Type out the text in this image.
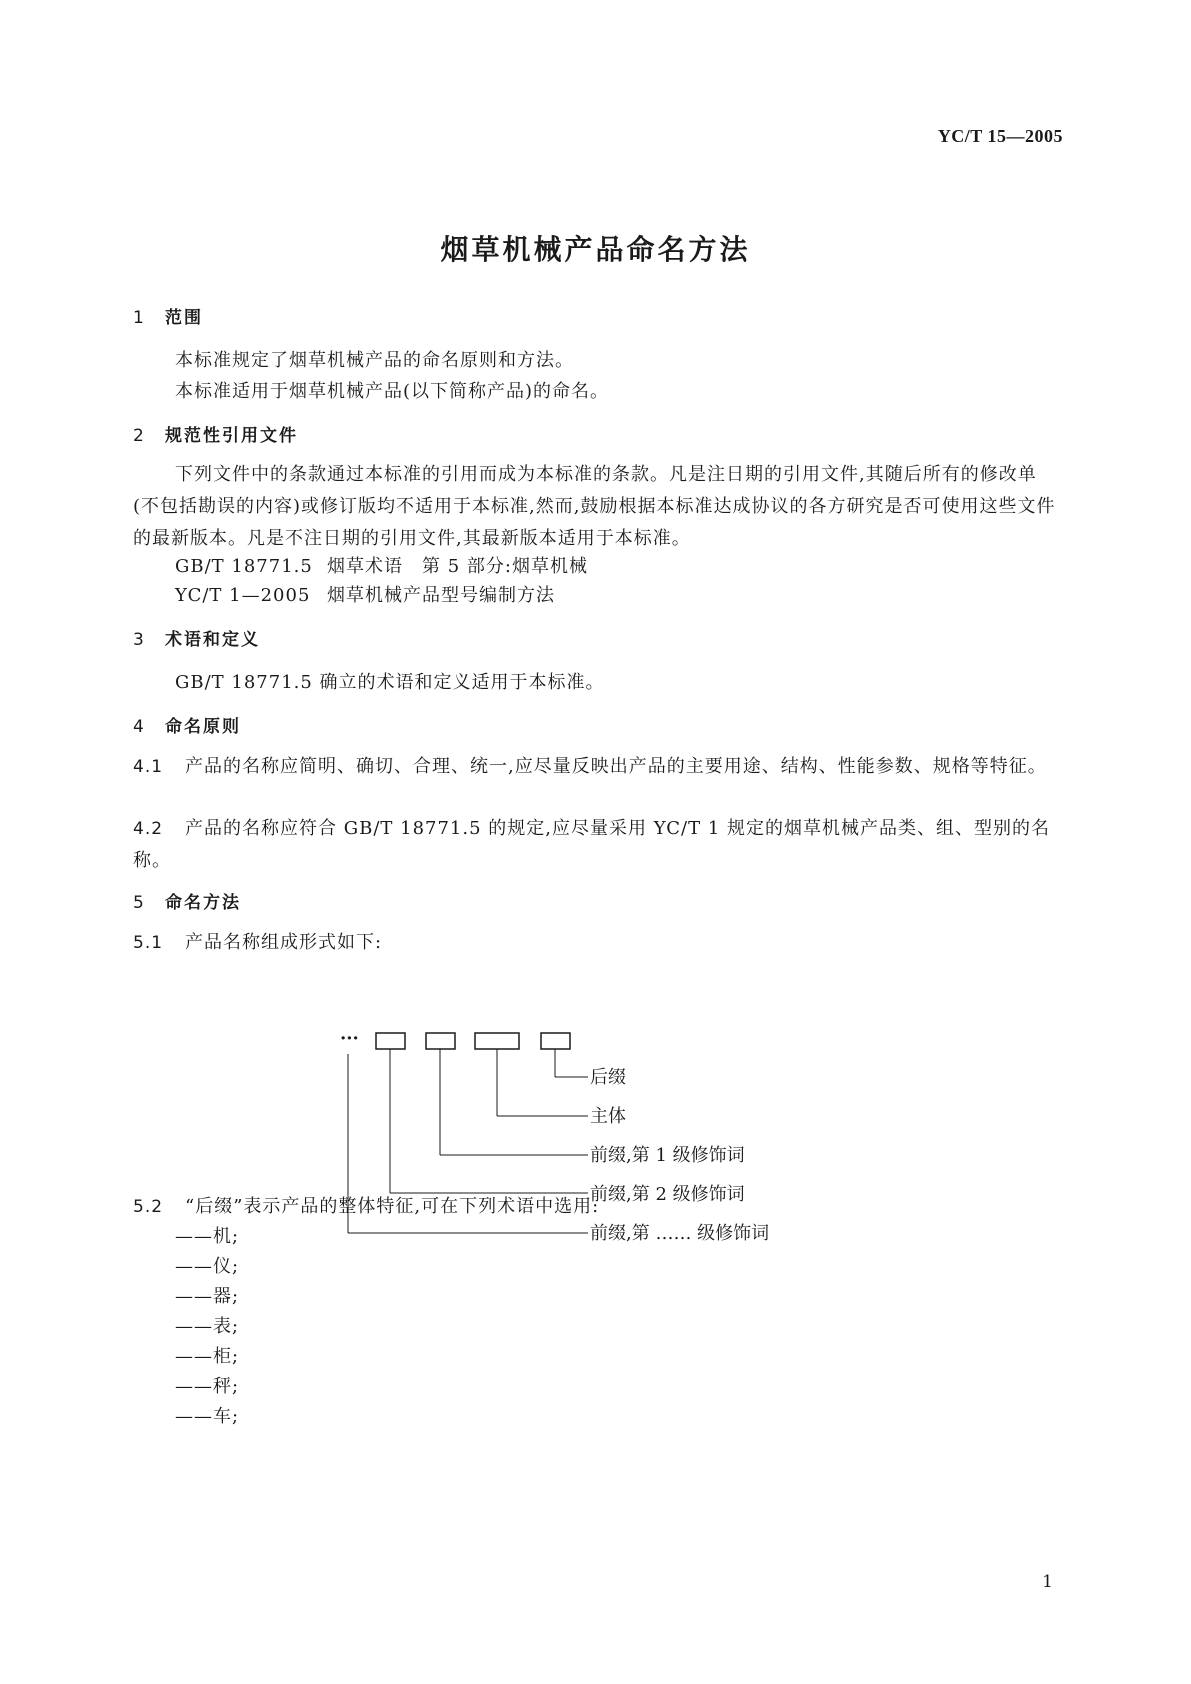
YC/T 15—2005
烟草机械产品命名方法
1 范围
本标准规定了烟草机械产品的命名原则和方法。
本标准适用于烟草机械产品(以下简称产品)的命名。
2 规范性引用文件
下列文件中的条款通过本标准的引用而成为本标准的条款。凡是注日期的引用文件,其随后所有的修改单(不包括勘误的内容)或修订版均不适用于本标准,然而,鼓励根据本标准达成协议的各方研究是否可使用这些文件的最新版本。凡是不注日期的引用文件,其最新版本适用于本标准。
GB/T 18771.5 烟草术语　第 5 部分:烟草机械
YC/T 1—2005 烟草机械产品型号编制方法
3 术语和定义
GB/T 18771.5 确立的术语和定义适用于本标准。
4 命名原则
4.1 产品的名称应简明、确切、合理、统一,应尽量反映出产品的主要用途、结构、性能参数、规格等特征。
4.2 产品的名称应符合 GB/T 18771.5 的规定,应尽量采用 YC/T 1 规定的烟草机械产品类、组、型别的名称。
5 命名方法
5.1 产品名称组成形式如下:
···
后缀
主体
前缀,第 1 级修饰词
前缀,第 2 级修饰词
前缀,第 …… 级修饰词
5.2 “后缀”表示产品的整体特征,可在下列术语中选用:
——机;
——仪;
——器;
——表;
——柜;
——秤;
——车;
1
